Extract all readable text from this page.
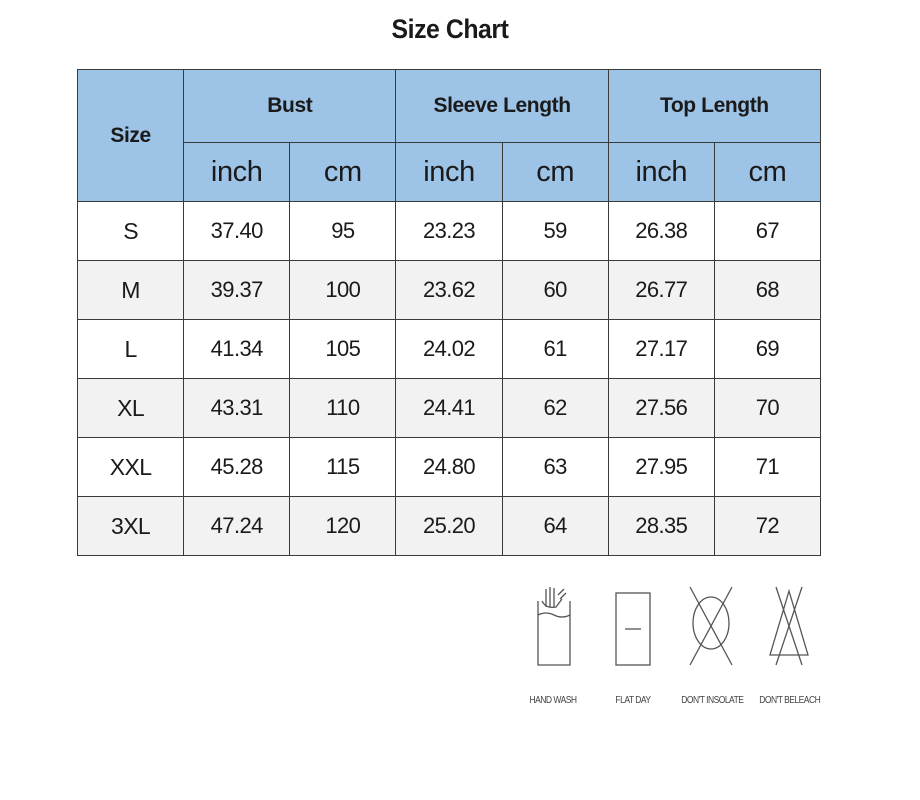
Size Chart
Size	Bust		Sleeve Length		Top Length	
	inch	cm	inch	cm	inch	cm
S	37.40	95	23.23	59	26.38	67
M	39.37	100	23.62	60	26.77	68
L	41.34	105	24.02	61	27.17	69
XL	43.31	110	24.41	62	27.56	70
XXL	45.28	115	24.80	63	27.95	71
3XL	47.24	120	25.20	64	28.35	72
HAND WASH	FLAT DAY	DON'T INSOLATE DON'T BELEACH
